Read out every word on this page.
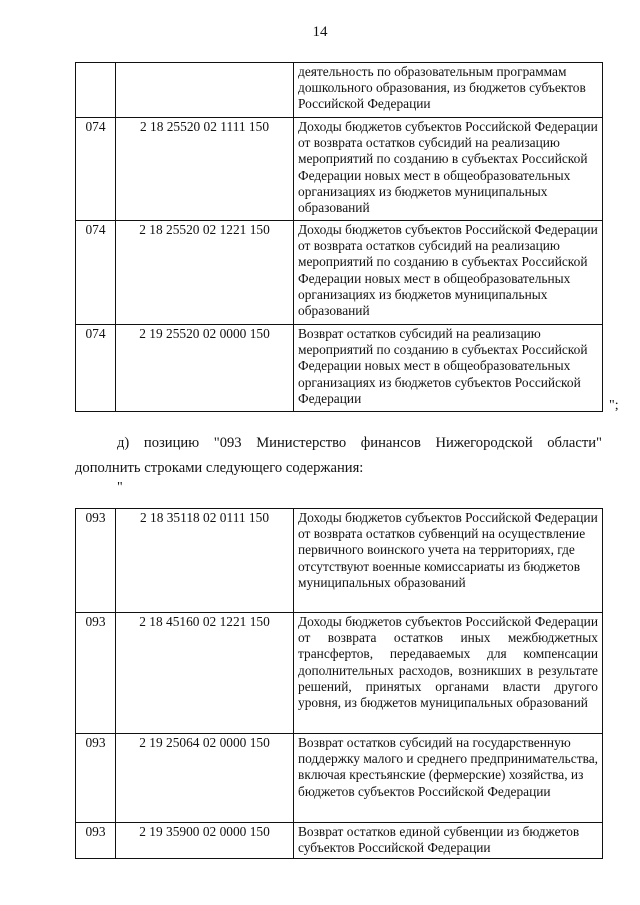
14
		деятельность по образовательным программам дошкольного образования, из бюджетов субъектов Российской Федерации
074	2 18 25520 02 1111 150	Доходы бюджетов субъектов Российской Федерации от возврата остатков субсидий на реализацию мероприятий по созданию в субъектах Российской Федерации новых мест в общеобразовательных организациях из бюджетов муниципальных образований
074	2 18 25520 02 1221 150	Доходы бюджетов субъектов Российской Федерации от возврата остатков субсидий на реализацию мероприятий по созданию в субъектах Российской Федерации новых мест в общеобразовательных организациях из бюджетов муниципальных образований
074	2 19 25520 02 0000 150	Возврат остатков субсидий на реализацию мероприятий по созданию в субъектах Российской Федерации новых мест в общеобразовательных организациях из бюджетов субъектов Российской Федерации	";
д) позицию "093 Министерство финансов Нижегородской области"
дополнить строками следующего содержания:
"
093	2 18 35118 02 0111 150	Доходы бюджетов субъектов Российской Федерации от возврата остатков субвенций на осуществление первичного воинского учета на территориях, где отсутствуют военные комиссариаты из бюджетов муниципальных образований
093	2 18 45160 02 1221 150	Доходы бюджетов субъектов Российской Федерации от возврата остатков иных межбюджетных трансфертов, передаваемых для компенсации дополнительных расходов, возникших в результате решений, принятых органами власти другого уровня, из бюджетов муниципальных образований
093	2 19 25064 02 0000 150	Возврат остатков субсидий на государственную поддержку малого и среднего предпринимательства, включая крестьянские (фермерские) хозяйства, из бюджетов субъектов Российской Федерации
093	2 19 35900 02 0000 150	Возврат остатков единой субвенции из бюджетов субъектов Российской Федерации
